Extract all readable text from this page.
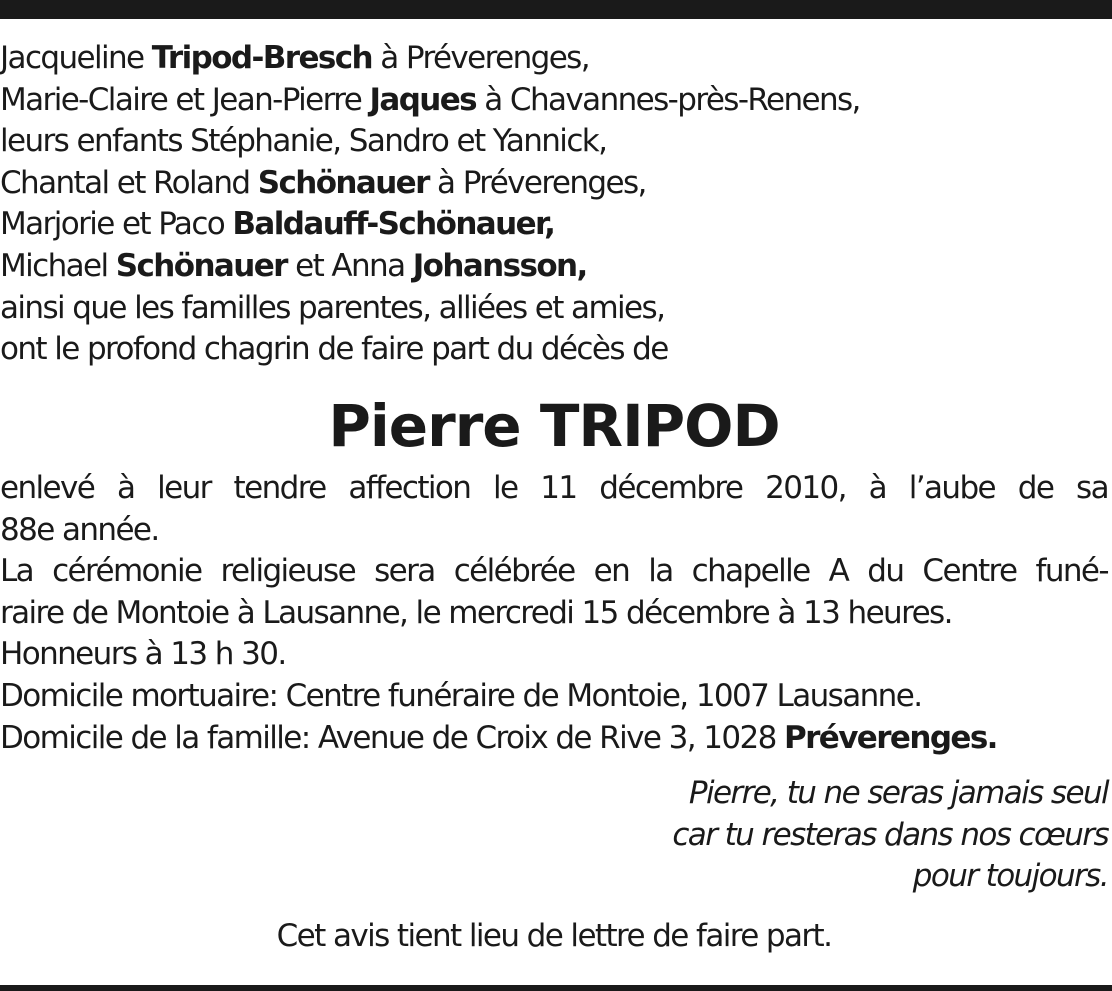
Jacqueline Tripod-Bresch à Préverenges,
Marie-Claire et Jean-Pierre Jaques à Chavannes-près-Renens,
leurs enfants Stéphanie, Sandro et Yannick,
Chantal et Roland Schönauer à Préverenges,
Marjorie et Paco Baldauff-Schönauer,
Michael Schönauer et Anna Johansson,
ainsi que les familles parentes, alliées et amies,
ont le profond chagrin de faire part du décès de
Pierre TRIPOD
enlevé à leur tendre affection le 11 décembre 2010, à l’aube de sa
88e année.
La cérémonie religieuse sera célébrée en la chapelle A du Centre funé-
raire de Montoie à Lausanne, le mercredi 15 décembre à 13 heures.
Honneurs à 13 h 30.
Domicile mortuaire: Centre funéraire de Montoie, 1007 Lausanne.
Domicile de la famille: Avenue de Croix de Rive 3, 1028 Préverenges.
Pierre, tu ne seras jamais seul
car tu resteras dans nos cœurs
pour toujours.
Cet avis tient lieu de lettre de faire part.
